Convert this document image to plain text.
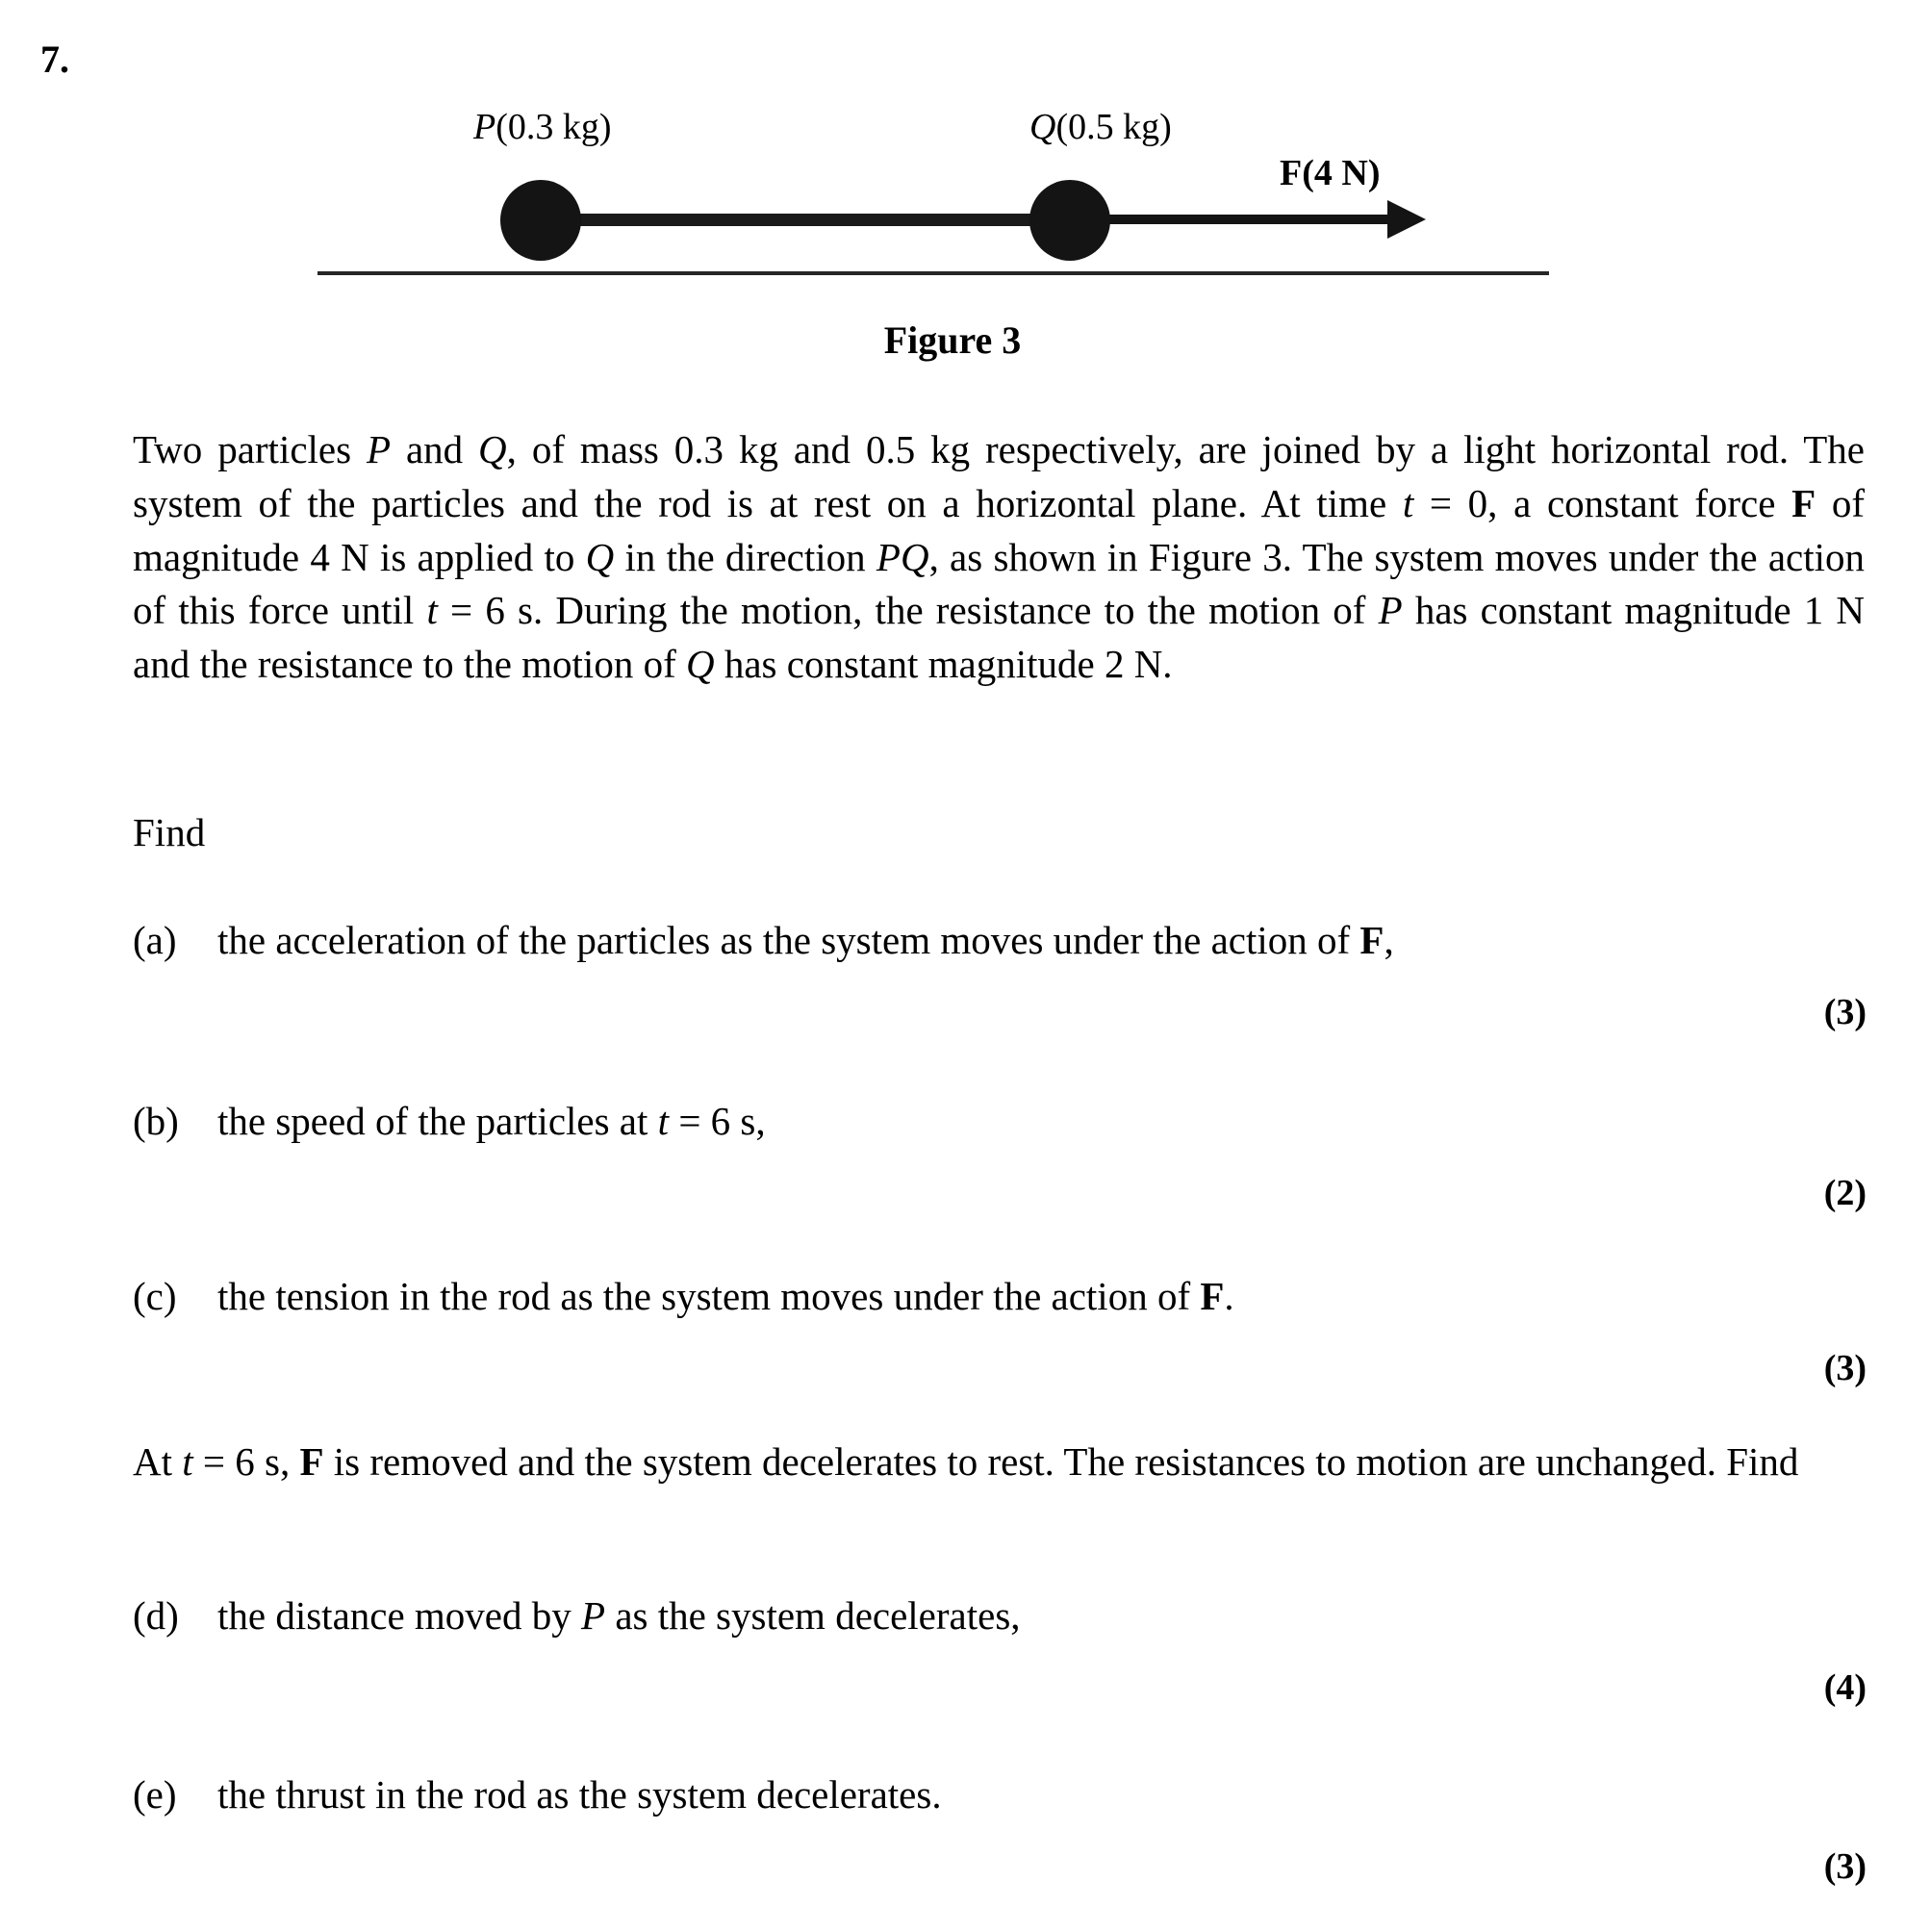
7.
P(0.3 kg)	Q(0.5 kg)
F(4 N)
Figure 3
Two particles P and Q, of mass 0.3 kg and 0.5 kg respectively, are joined by a light horizontal rod. The system of the particles and the rod is at rest on a horizontal plane. At time t = 0, a constant force F of magnitude 4 N is applied to Q in the direction PQ, as shown in Figure 3. The system moves under the action of this force until t = 6 s. During the motion, the resistance to the motion of P has constant magnitude 1 N and the resistance to the motion of Q has constant magnitude 2 N.
Find
(a) the acceleration of the particles as the system moves under the action of F,
(3)
(b) the speed of the particles at t = 6 s,
(2)
(c) the tension in the rod as the system moves under the action of F.
(3)
At t = 6 s, F is removed and the system decelerates to rest. The resistances to motion are unchanged. Find
(d) the distance moved by P as the system decelerates,
(4)
(e) the thrust in the rod as the system decelerates.
(3)
